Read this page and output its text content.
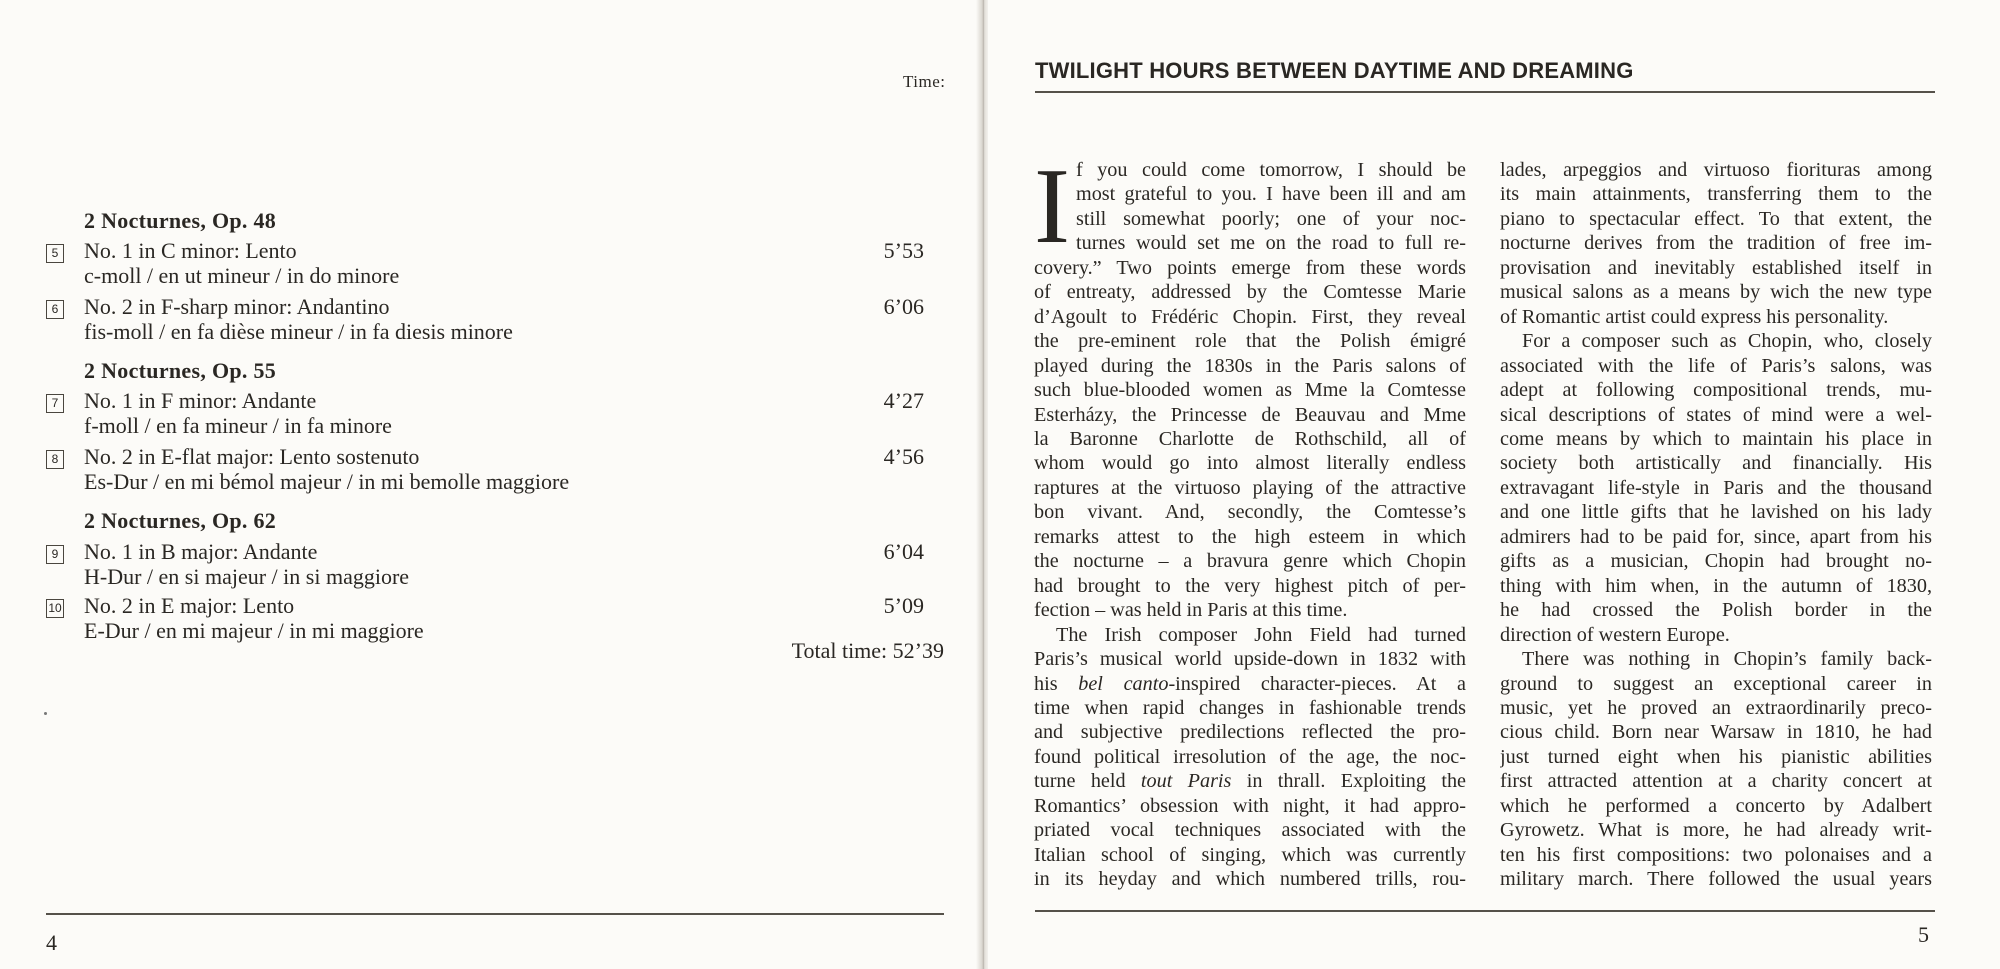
Time:
2 Nocturnes, Op. 48
5 No. 1 in C minor: Lento
c-moll / en ut mineur / in do minore
5’53
6 No. 2 in F-sharp minor: Andantino
fis-moll / en fa dièse mineur / in fa diesis minore
6’06
2 Nocturnes, Op. 55
7 No. 1 in F minor: Andante
f-moll / en fa mineur / in fa minore
4’27
8 No. 2 in E-flat major: Lento sostenuto
Es-Dur / en mi bémol majeur / in mi bemolle maggiore
4’56
2 Nocturnes, Op. 62
9 No. 1 in B major: Andante
H-Dur / en si majeur / in si maggiore
6’04
10 No. 2 in E major: Lento
E-Dur / en mi majeur / in mi maggiore
5’09
Total time: 52’39
4
TWILIGHT HOURS BETWEEN DAYTIME AND DREAMING
I f you could come tomorrow, I should be
most grateful to you. I have been ill and am
still somewhat poorly; one of your noc-
turnes would set me on the road to full re-
covery.” Two points emerge from these words
of entreaty, addressed by the Comtesse Marie
d’Agoult to Frédéric Chopin. First, they reveal
the pre-eminent role that the Polish émigré
played during the 1830s in the Paris salons of
such blue-blooded women as Mme la Comtesse
Esterházy, the Princesse de Beauvau and Mme
la Baronne Charlotte de Rothschild, all of
whom would go into almost literally endless
raptures at the virtuoso playing of the attractive
bon vivant. And, secondly, the Comtesse’s
remarks attest to the high esteem in which
the nocturne – a bravura genre which Chopin
had brought to the very highest pitch of per-
fection – was held in Paris at this time.
The Irish composer John Field had turned
Paris’s musical world upside-down in 1832 with
his bel canto-inspired character-pieces. At a
time when rapid changes in fashionable trends
and subjective predilections reflected the pro-
found political irresolution of the age, the noc-
turne held tout Paris in thrall. Exploiting the
Romantics’ obsession with night, it had appro-
priated vocal techniques associated with the
Italian school of singing, which was currently
in its heyday and which numbered trills, rou-
lades, arpeggios and virtuoso fiorituras among
its main attainments, transferring them to the
piano to spectacular effect. To that extent, the
nocturne derives from the tradition of free im-
provisation and inevitably established itself in
musical salons as a means by wich the new type
of Romantic artist could express his personality.
For a composer such as Chopin, who, closely
associated with the life of Paris’s salons, was
adept at following compositional trends, mu-
sical descriptions of states of mind were a wel-
come means by which to maintain his place in
society both artistically and financially. His
extravagant life-style in Paris and the thousand
and one little gifts that he lavished on his lady
admirers had to be paid for, since, apart from his
gifts as a musician, Chopin had brought no-
thing with him when, in the autumn of 1830,
he had crossed the Polish border in the
direction of western Europe.
There was nothing in Chopin’s family back-
ground to suggest an exceptional career in
music, yet he proved an extraordinarily preco-
cious child. Born near Warsaw in 1810, he had
just turned eight when his pianistic abilities
first attracted attention at a charity concert at
which he performed a concerto by Adalbert
Gyrowetz. What is more, he had already writ-
ten his first compositions: two polonaises and a
military march. There followed the usual years
5
